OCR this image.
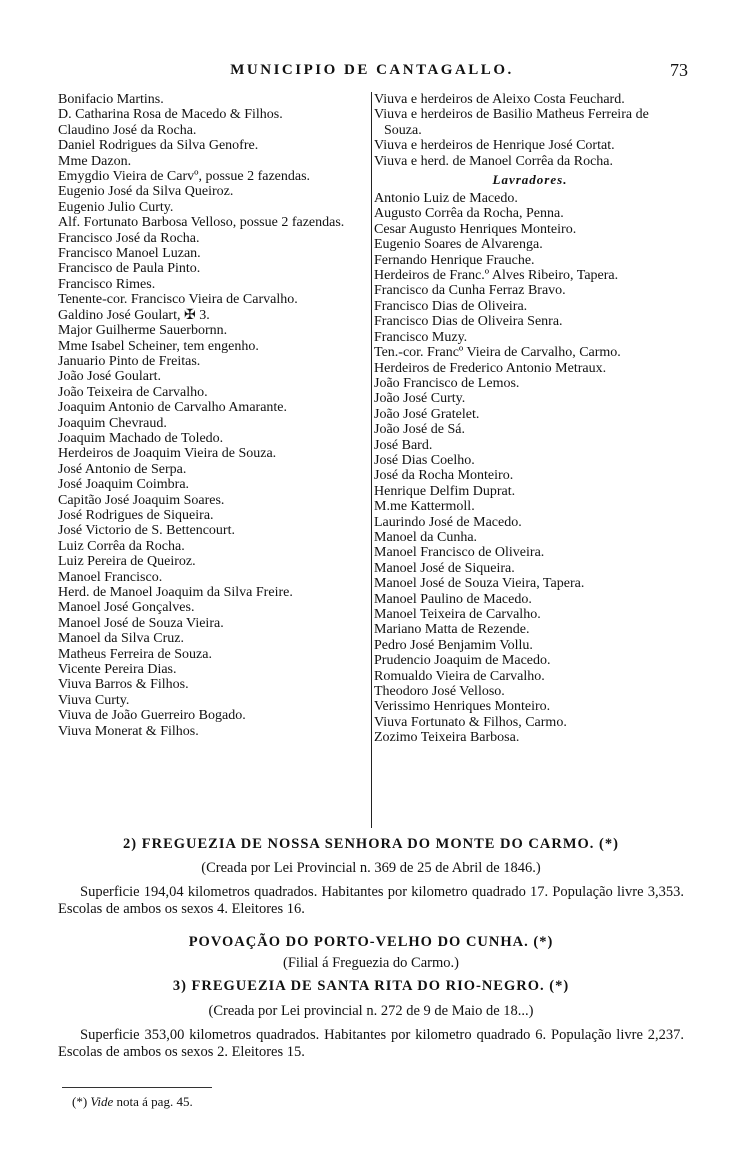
MUNICIPIO DE CANTAGALLO.	73
Bonifacio Martins.
D. Catharina Rosa de Macedo & Filhos.
Claudino José da Rocha.
Daniel Rodrigues da Silva Genofre.
Mme Dazon.
Emygdio Vieira de Carvº, possue 2 fazendas.
Eugenio José da Silva Queiroz.
Eugenio Julio Curty.
Alf. Fortunato Barbosa Velloso, possue 2 fazendas.
Francisco José da Rocha.
Francisco Manoel Luzan.
Francisco de Paula Pinto.
Francisco Rimes.
Tenente-cor. Francisco Vieira de Carvalho.
Galdino José Goulart, ✠ 3.
Major Guilherme Sauerbornn.
Mme Isabel Scheiner, tem engenho.
Januario Pinto de Freitas.
João José Goulart.
João Teixeira de Carvalho.
Joaquim Antonio de Carvalho Amarante.
Joaquim Chevraud.
Joaquim Machado de Toledo.
Herdeiros de Joaquim Vieira de Souza.
José Antonio de Serpa.
José Joaquim Coimbra.
Capitão José Joaquim Soares.
José Rodrigues de Siqueira.
José Victorio de S. Bettencourt.
Luiz Corrêa da Rocha.
Luiz Pereira de Queiroz.
Manoel Francisco.
Herd. de Manoel Joaquim da Silva Freire.
Manoel José Gonçalves.
Manoel José de Souza Vieira.
Manoel da Silva Cruz.
Matheus Ferreira de Souza.
Vicente Pereira Dias.
Viuva Barros & Filhos.
Viuva Curty.
Viuva de João Guerreiro Bogado.
Viuva Monerat & Filhos.
Viuva e herdeiros de Aleixo Costa Feuchard.
Viuva e herdeiros de Basilio Matheus Ferreira de Souza.
Viuva e herdeiros de Henrique José Cortat.
Viuva e herd. de Manoel Corrêa da Rocha.
Lavradores.
Antonio Luiz de Macedo.
Augusto Corrêa da Rocha, Penna.
Cesar Augusto Henriques Monteiro.
Eugenio Soares de Alvarenga.
Fernando Henrique Frauche.
Herdeiros de Franc.º Alves Ribeiro, Tapera.
Francisco da Cunha Ferraz Bravo.
Francisco Dias de Oliveira.
Francisco Dias de Oliveira Senra.
Francisco Muzy.
Ten.-cor. Francº Vieira de Carvalho, Carmo.
Herdeiros de Frederico Antonio Metraux.
João Francisco de Lemos.
João José Curty.
João José Gratelet.
João José de Sá.
José Bard.
José Dias Coelho.
José da Rocha Monteiro.
Henrique Delfim Duprat.
M.me Kattermoll.
Laurindo José de Macedo.
Manoel da Cunha.
Manoel Francisco de Oliveira.
Manoel José de Siqueira.
Manoel José de Souza Vieira, Tapera.
Manoel Paulino de Macedo.
Manoel Teixeira de Carvalho.
Mariano Matta de Rezende.
Pedro José Benjamim Vollu.
Prudencio Joaquim de Macedo.
Romualdo Vieira de Carvalho.
Theodoro José Velloso.
Verissimo Henriques Monteiro.
Viuva Fortunato & Filhos, Carmo.
Zozimo Teixeira Barbosa.
2) FREGUEZIA DE NOSSA SENHORA DO MONTE DO CARMO. (*)
(Creada por Lei Provincial n. 369 de 25 de Abril de 1846.)
Superficie 194,04 kilometros quadrados. Habitantes por kilometro quadrado 17. População livre 3,353. Escolas de ambos os sexos 4. Eleitores 16.
POVOAÇÃO DO PORTO-VELHO DO CUNHA. (*)
(Filial á Freguezia do Carmo.)
3) FREGUEZIA DE SANTA RITA DO RIO-NEGRO. (*)
(Creada por Lei provincial n. 272 de 9 de Maio de 18...)
Superficie 353,00 kilometros quadrados. Habitantes por kilometro quadrado 6. População livre 2,237. Escolas de ambos os sexos 2. Eleitores 15.
(*) Vide nota á pag. 45.
